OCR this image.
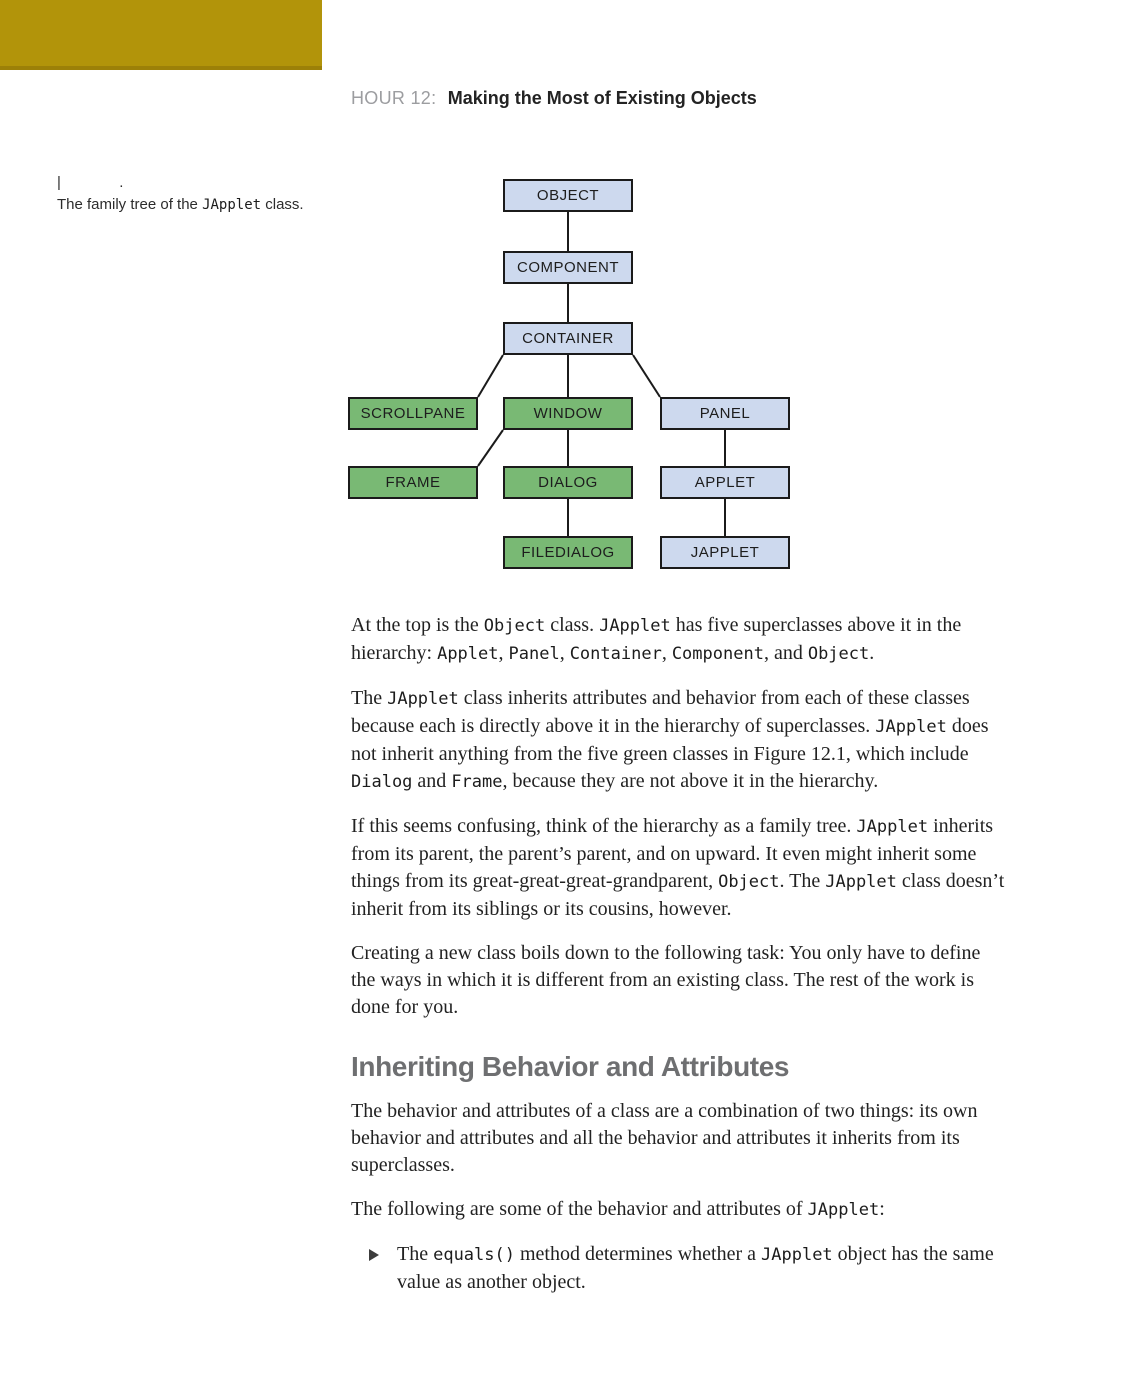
HOUR 12: Making the Most of Existing Objects
|              .
The family tree of the JApplet class.
OBJECT
COMPONENT
CONTAINER
SCROLLPANE	WINDOW	PANEL
FRAME	DIALOG	APPLET
FILEDIALOG	JAPPLET

At the top is the Object class. JApplet has five superclasses above it in the hierarchy: Applet, Panel, Container, Component, and Object.

The JApplet class inherits attributes and behavior from each of these classes because each is directly above it in the hierarchy of superclasses. JApplet does not inherit anything from the five green classes in Figure 12.1, which include Dialog and Frame, because they are not above it in the hierarchy.

If this seems confusing, think of the hierarchy as a family tree. JApplet inherits from its parent, the parent’s parent, and on upward. It even might inherit some things from its great-great-great-grandparent, Object. The JApplet class doesn’t inherit from its siblings or its cousins, however.

Creating a new class boils down to the following task: You only have to define the ways in which it is different from an existing class. The rest of the work is done for you.

Inheriting Behavior and Attributes

The behavior and attributes of a class are a combination of two things: its own behavior and attributes and all the behavior and attributes it inherits from its superclasses.

The following are some of the behavior and attributes of JApplet:

The equals() method determines whether a JApplet object has the same value as another object.
